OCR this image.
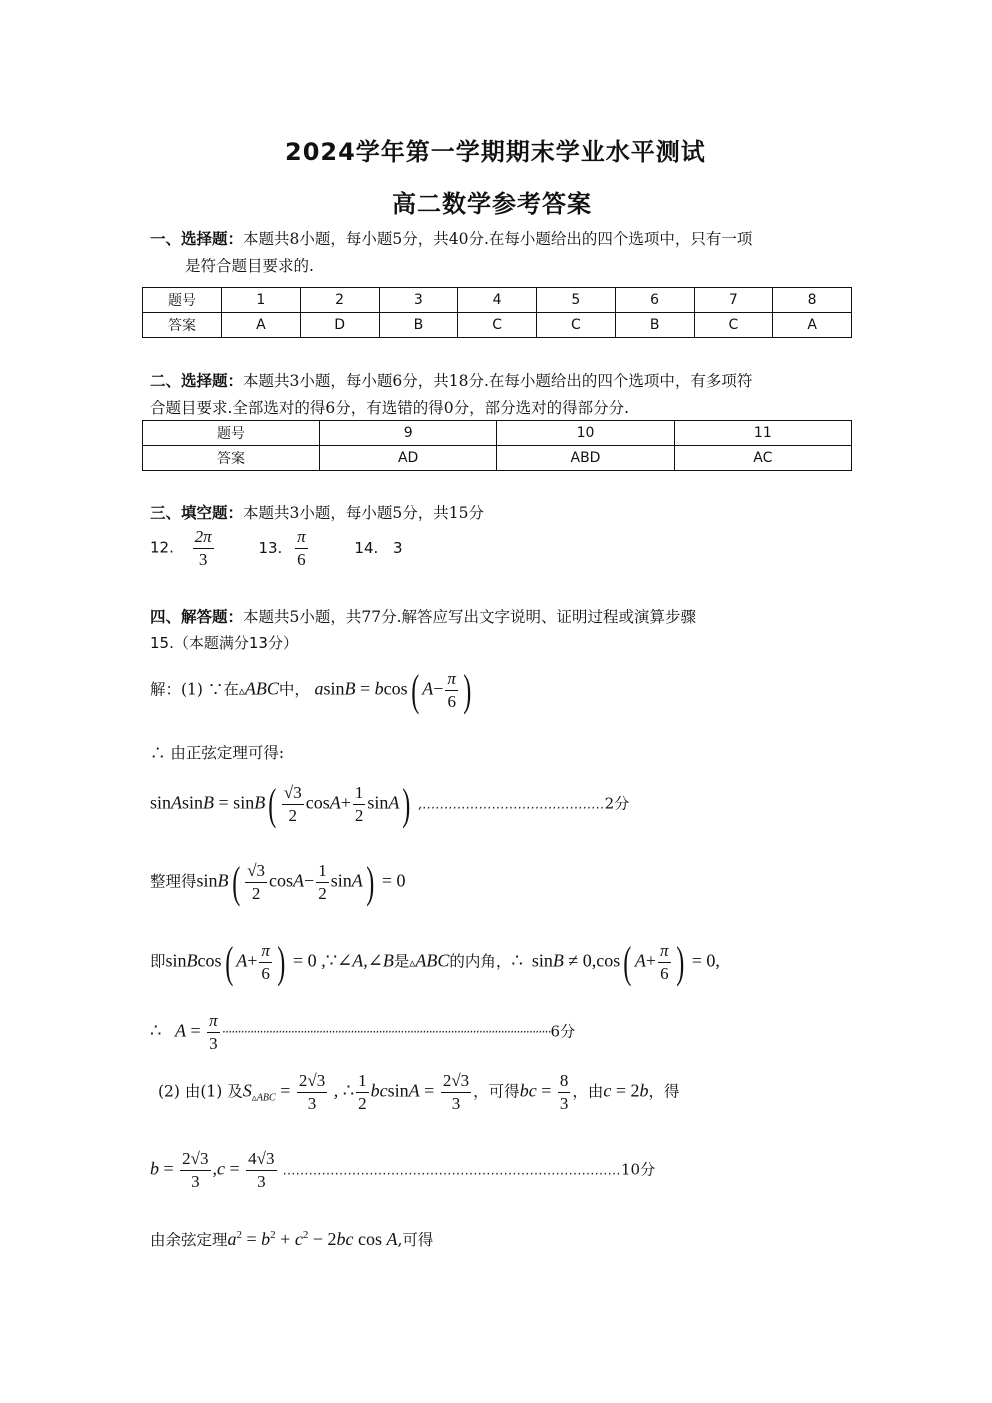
2024学年第一学期期末学业水平测试
高二数学参考答案
一、选择题：本题共8小题，每小题5分，共40分.在每小题给出的四个选项中，只有一项
是符合题目要求的.
题号	1	2	3	4	5	6	7	8
答案	A	D	B	C	C	B	C	A
二、选择题：本题共3小题，每小题6分，共18分.在每小题给出的四个选项中，有多项符
合题目要求.全部选对的得6分，有选错的得0分，部分选对的得部分分.
题号	9	10	11
答案	AD	ABD	AC
三、填空题：本题共3小题，每小题5分，共15分
12. $\frac{2\pi}{3}$	13. $\frac{\pi}{6}$	14. 3
四、解答题：本题共5小题，共77分.解答应写出文字说明、证明过程或演算步骤
15.（本题满分13分）
解：(1) ∵在▵ABC中， asinB = bcos( $A- \frac{\pi}{6}$ )
∴ 由正弦定理可得:
sinAsinB = $\sin B( \frac{√3}{2} \cos A+ \frac{1}{2} \sin A)$ ,……………………………………2分
整理得$\sin B( \frac{√3}{2} \cos A- \frac{1}{2} \sin A) = 0$
即sinBcos( $A+ \frac{\pi}{6}$ ) = 0 ,∵∠A,∠B是▵ABC的内角，∴  sinB ≠ 0,cos( $A+ \frac{\pi}{6}$ ) = 0,
∴   $A = \frac{\pi}{3} \cdot\cdot\cdot\cdot\cdot\cdot\cdot\cdot\cdot\cdot\cdot\cdot\cdot\cdot\cdot\cdot\cdot\cdot\cdot\cdot\cdot\cdot\cdot\cdot\cdot\cdot\cdot\cdot\cdot\cdot\cdot\cdot\cdot\cdot\cdot\cdot\cdot\cdot\cdot\cdot\cdot\cdot\cdot\cdot\cdot\cdot\cdot\cdot\cdot\cdot\cdot\cdot\cdot\cdot\cdot\cdot\cdot\cdot\cdot\cdot\cdot\cdot\cdot\cdot\cdot\cdot\cdot\cdot\cdot\cdot\cdot\cdot\cdot\cdot\cdot\cdot\cdot\cdot\cdot\cdot\cdot\cdot\cdot\cdot\cdot\cdot\cdot\cdot\cdot\cdot\cdot\cdot\cdot\cdot\cdot\cdot\cdot\cdot\cdot\cdot\cdot\cdot\cdot\cdot\cdot 6$分
(2) 由(1) 及$S_{▵ABC} = \frac{2√3}{3}$ , ∴ $\frac{1}{2}$ $bcsinA = \frac{2√3}{3}$ ，可得bc = $\frac{8}{3}$ ，由c = 2b，得
$b = \frac{2√3}{3} ,c = \frac{4√3}{3}$ ……………………………………………………………………10分
由余弦定理$a^2 = b^2 + c^2 - 2bc$ cos A,可得
